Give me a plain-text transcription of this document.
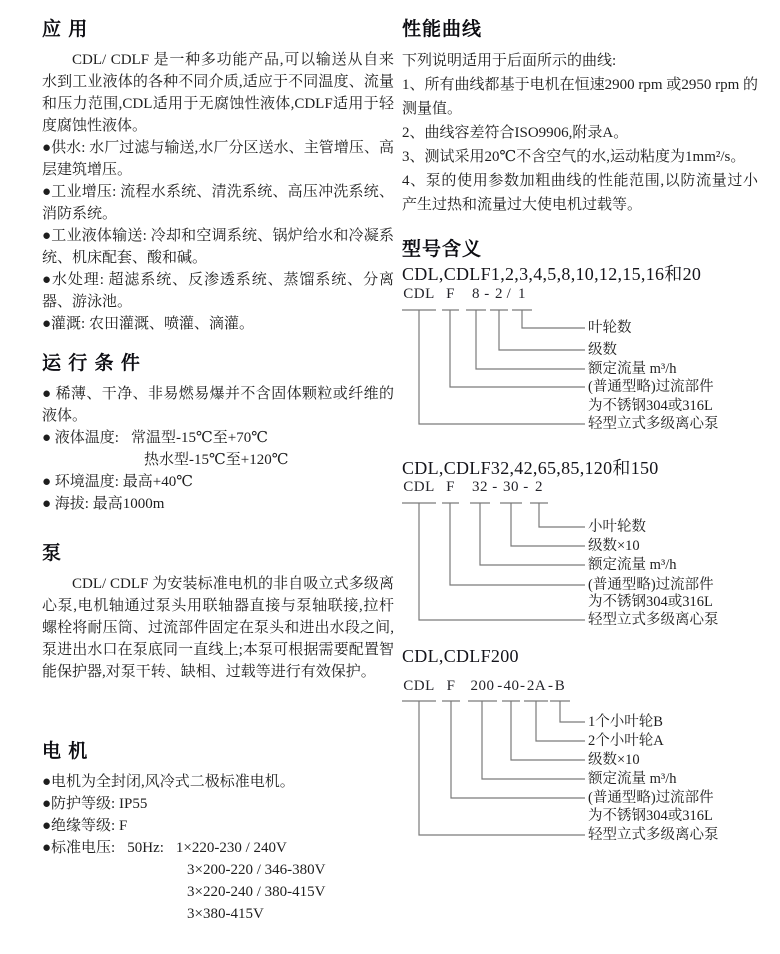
应 用

CDL/ CDLF 是一种多功能产品,可以输送从自来水到工业液体的各种不同介质,适应于不同温度、流量和压力范围,CDL适用于无腐蚀性液体,CDLF适用于轻度腐蚀性液体。

●供水: 水厂过滤与输送,水厂分区送水、主管增压、高层建筑增压。

●工业增压: 流程水系统、清洗系统、高压冲洗系统、消防系统。

●工业液体输送: 冷却和空调系统、锅炉给水和冷凝系统、机床配套、酸和碱。

●水处理: 超滤系统、反渗透系统、蒸馏系统、分离器、游泳池。

●灌溉: 农田灌溉、喷灌、滴灌。

运 行 条 件

● 稀薄、干净、非易燃易爆并不含固体颗粒或纤维的液体。

● 液体温度: 常温型-15℃至+70℃

热水型-15℃至+120℃

● 环境温度: 最高+40℃

● 海拔: 最高1000m

泵

CDL/ CDLF 为安装标准电机的非自吸立式多级离心泵,电机轴通过泵头用联轴器直接与泵轴联接,拉杆螺栓将耐压筒、过流部件固定在泵头和进出水段之间,泵进出水口在泵底同一直线上;本泵可根据需要配置智能保护器,对泵干转、缺相、过载等进行有效保护。

电 机

●电机为全封闭,风冷式二极标准电机。

●防护等级: IP55

●绝缘等级: F

●标准电压: 50Hz: 1×220-230 / 240V

3×200-220 / 346-380V

3×220-240 / 380-415V

3×380-415V

性能曲线

下列说明适用于后面所示的曲线:

1、所有曲线都基于电机在恒速2900 rpm 或2950 rpm 的测量值。

2、曲线容差符合ISO9906,附录A。

3、测试采用20℃不含空气的水,运动粘度为1mm²/s。

4、泵的使用参数加粗曲线的性能范围,以防流量过小产生过热和流量过大使电机过载等。

型号含义

CDL,CDLF1,2,3,4,5,8,10,12,15,16和20

CDL F	8 - 2 / 1
叶轮数
级数
额定流量 m³/h
(普通型略)过流部件
为不锈钢304或316L
轻型立式多级离心泵

CDL,CDLF32,42,65,85,120和150

CDL F 32 - 30 - 2
小叶轮数
级数×10
额定流量 m³/h
(普通型略)过流部件
为不锈钢304或316L
轻型立式多级离心泵

CDL,CDLF200

CDL F	200 - 40 - 2A - B
1个小叶轮B
2个小叶轮A
级数×10
额定流量 m³/h
(普通型略)过流部件
为不锈钢304或316L
轻型立式多级离心泵
